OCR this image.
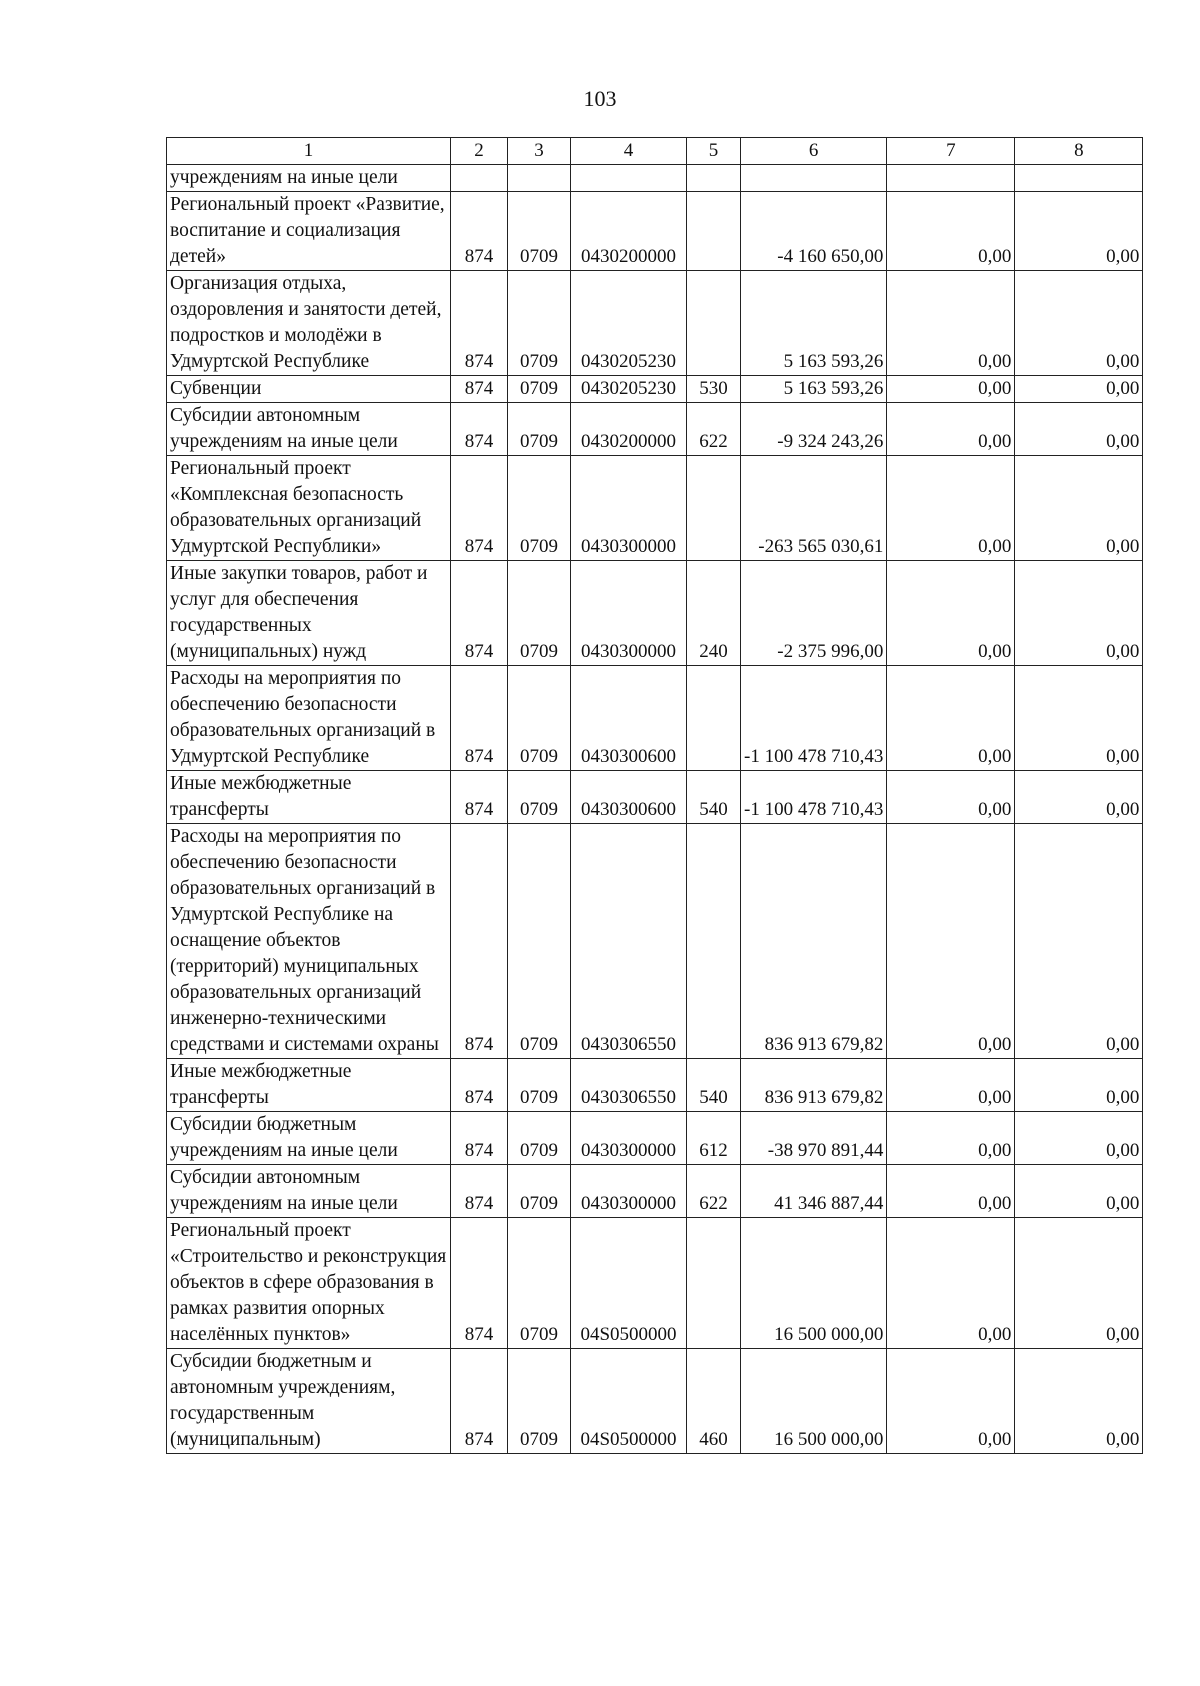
103
1	2	3	4	5	6	7	8
учреждениям на иные цели							
Региональный проект «Развитие, воспитание и социализация детей»	874	0709	0430200000		-4 160 650,00	0,00	0,00
Организация отдыха, оздоровления и занятости детей, подростков и молодёжи в Удмуртской Республике	874	0709	0430205230		5 163 593,26	0,00	0,00
Субвенции	874	0709	0430205230	530	5 163 593,26	0,00	0,00
Субсидии автономным учреждениям на иные цели	874	0709	0430200000	622	-9 324 243,26	0,00	0,00
Региональный проект «Комплексная безопасность образовательных организаций Удмуртской Республики»	874	0709	0430300000		-263 565 030,61	0,00	0,00
Иные закупки товаров, работ и услуг для обеспечения государственных (муниципальных) нужд	874	0709	0430300000	240	-2 375 996,00	0,00	0,00
Расходы на мероприятия по обеспечению безопасности образовательных организаций в Удмуртской Республике	874	0709	0430300600		-1 100 478 710,43	0,00	0,00
Иные межбюджетные трансферты	874	0709	0430300600	540	-1 100 478 710,43	0,00	0,00
Расходы на мероприятия по обеспечению безопасности образовательных организаций в Удмуртской Республике на оснащение объектов (территорий) муниципальных образовательных организаций инженерно-техническими средствами и системами охраны	874	0709	0430306550		836 913 679,82	0,00	0,00
Иные межбюджетные трансферты	874	0709	0430306550	540	836 913 679,82	0,00	0,00
Субсидии бюджетным учреждениям на иные цели	874	0709	0430300000	612	-38 970 891,44	0,00	0,00
Субсидии автономным учреждениям на иные цели	874	0709	0430300000	622	41 346 887,44	0,00	0,00
Региональный проект «Строительство и реконструкция объектов в сфере образования в рамках развития опорных населённых пунктов»	874	0709	04S0500000		16 500 000,00	0,00	0,00
Субсидии бюджетным и автономным учреждениям, государственным (муниципальным)	874	0709	04S0500000	460	16 500 000,00	0,00	0,00
